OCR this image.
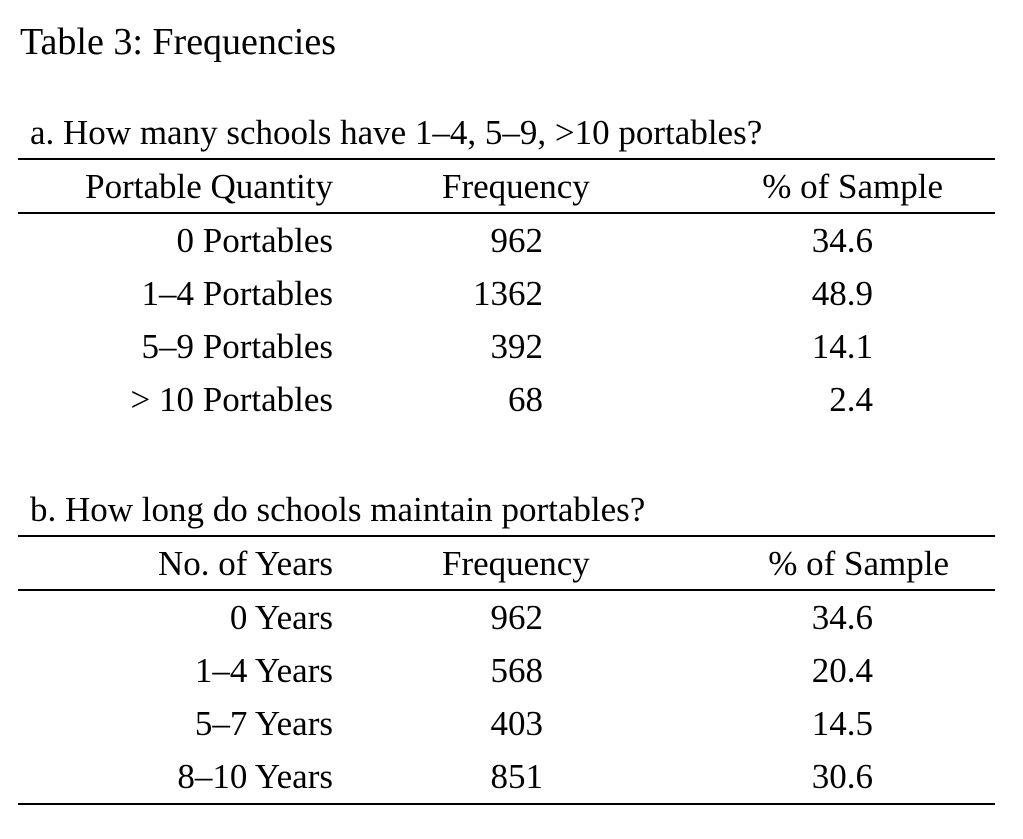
Table 3: Frequencies
a. How many schools have 1–4, 5–9, >10 portables?
Portable Quantity	Frequency	% of Sample
0 Portables	962	34.6
1–4 Portables	1362	48.9
5–9 Portables	392	14.1
> 10 Portables	68	2.4
b. How long do schools maintain portables?
No. of Years	Frequency	% of Sample
0 Years	962	34.6
1–4 Years	568	20.4
5–7 Years	403	14.5
8–10 Years	851	30.6
